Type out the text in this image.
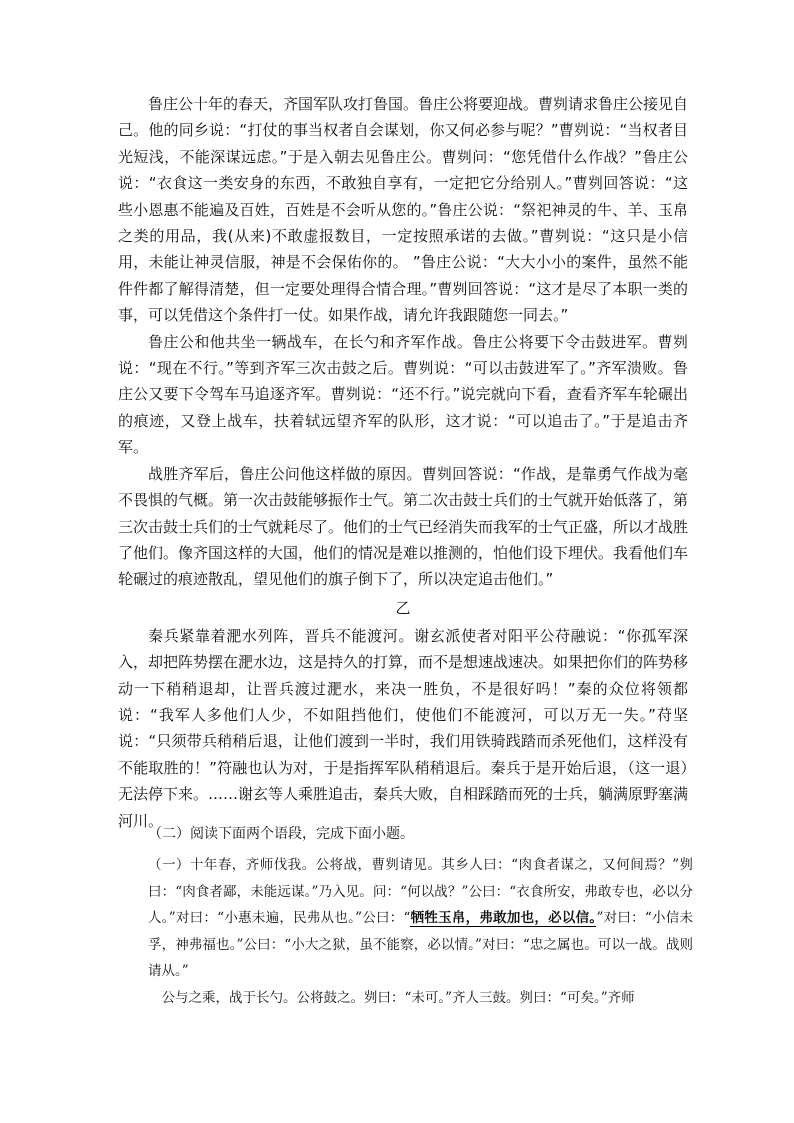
鲁庄公十年的春天，齐国军队攻打鲁国。鲁庄公将要迎战。曹刿请求鲁庄公接见自己。他的同乡说：“打仗的事当权者自会谋划，你又何必参与呢？”曹刿说：“当权者目光短浅，不能深谋远虑。”于是入朝去见鲁庄公。曹刿问：“您凭借什么作战？”鲁庄公说：“衣食这一类安身的东西，不敢独自享有，一定把它分给别人。”曹刿回答说：“这些小恩惠不能遍及百姓，百姓是不会听从您的。”鲁庄公说：“祭祀神灵的牛、羊、玉帛之类的用品，我(从来)不敢虚报数目，一定按照承诺的去做。”曹刿说：“这只是小信用，未能让神灵信服，神是不会保佑你的。 ”鲁庄公说：“大大小小的案件，虽然不能件件都了解得清楚，但一定要处理得合情合理。”曹刿回答说：“这才是尽了本职一类的事，可以凭借这个条件打一仗。如果作战，请允许我跟随您一同去。”

鲁庄公和他共坐一辆战车，在长勺和齐军作战。鲁庄公将要下令击鼓进军。曹刿说：“现在不行。”等到齐军三次击鼓之后。曹刿说：“可以击鼓进军了。”齐军溃败。鲁庄公又要下令驾车马追逐齐军。曹刿说：“还不行。”说完就向下看，查看齐军车轮碾出的痕迹，又登上战车，扶着轼远望齐军的队形，这才说：“可以追击了。”于是追击齐军。

战胜齐军后，鲁庄公问他这样做的原因。曹刿回答说：“作战，是靠勇气作战为毫不畏惧的气概。第一次击鼓能够振作士气。第二次击鼓士兵们的士气就开始低落了，第三次击鼓士兵们的士气就耗尽了。他们的士气已经消失而我军的士气正盛，所以才战胜了他们。像齐国这样的大国，他们的情况是难以推测的，怕他们设下埋伏。我看他们车轮碾过的痕迹散乱，望见他们的旗子倒下了，所以决定追击他们。”

乙

秦兵紧靠着淝水列阵，晋兵不能渡河。谢玄派使者对阳平公苻融说：“你孤军深入，却把阵势摆在淝水边，这是持久的打算，而不是想速战速决。如果把你们的阵势移动一下稍稍退却，让晋兵渡过淝水，来决一胜负，不是很好吗！”秦的众位将领都说：“我军人多他们人少，不如阻挡他们，使他们不能渡河，可以万无一失。”苻坚说：“只须带兵稍稍后退，让他们渡到一半时，我们用铁骑践踏而杀死他们，这样没有不能取胜的！”符融也认为对，于是指挥军队稍稍退后。秦兵于是开始后退，（这一退）无法停下来。……谢玄等人乘胜追击，秦兵大败，自相踩踏而死的士兵，躺满原野塞满河川。

（二）阅读下面两个语段，完成下面小题。

（一）十年春，齐师伐我。公将战，曹刿请见。其乡人曰：“肉食者谋之，又何间焉？”刿曰：“肉食者鄙，未能远谋。”乃入见。问：“何以战？”公曰：“衣食所安，弗敢专也，必以分人。”对曰：“小惠未遍，民弗从也。”公曰：“牺牲玉帛，弗敢加也，必以信。”对曰：“小信未孚，神弗福也。”公曰：“小大之狱，虽不能察，必以情。”对曰：“忠之属也。可以一战。战则请从。”

　公与之乘，战于长勺。公将鼓之。刿曰：“未可。”齐人三鼓。刿曰：“可矣。”齐师
